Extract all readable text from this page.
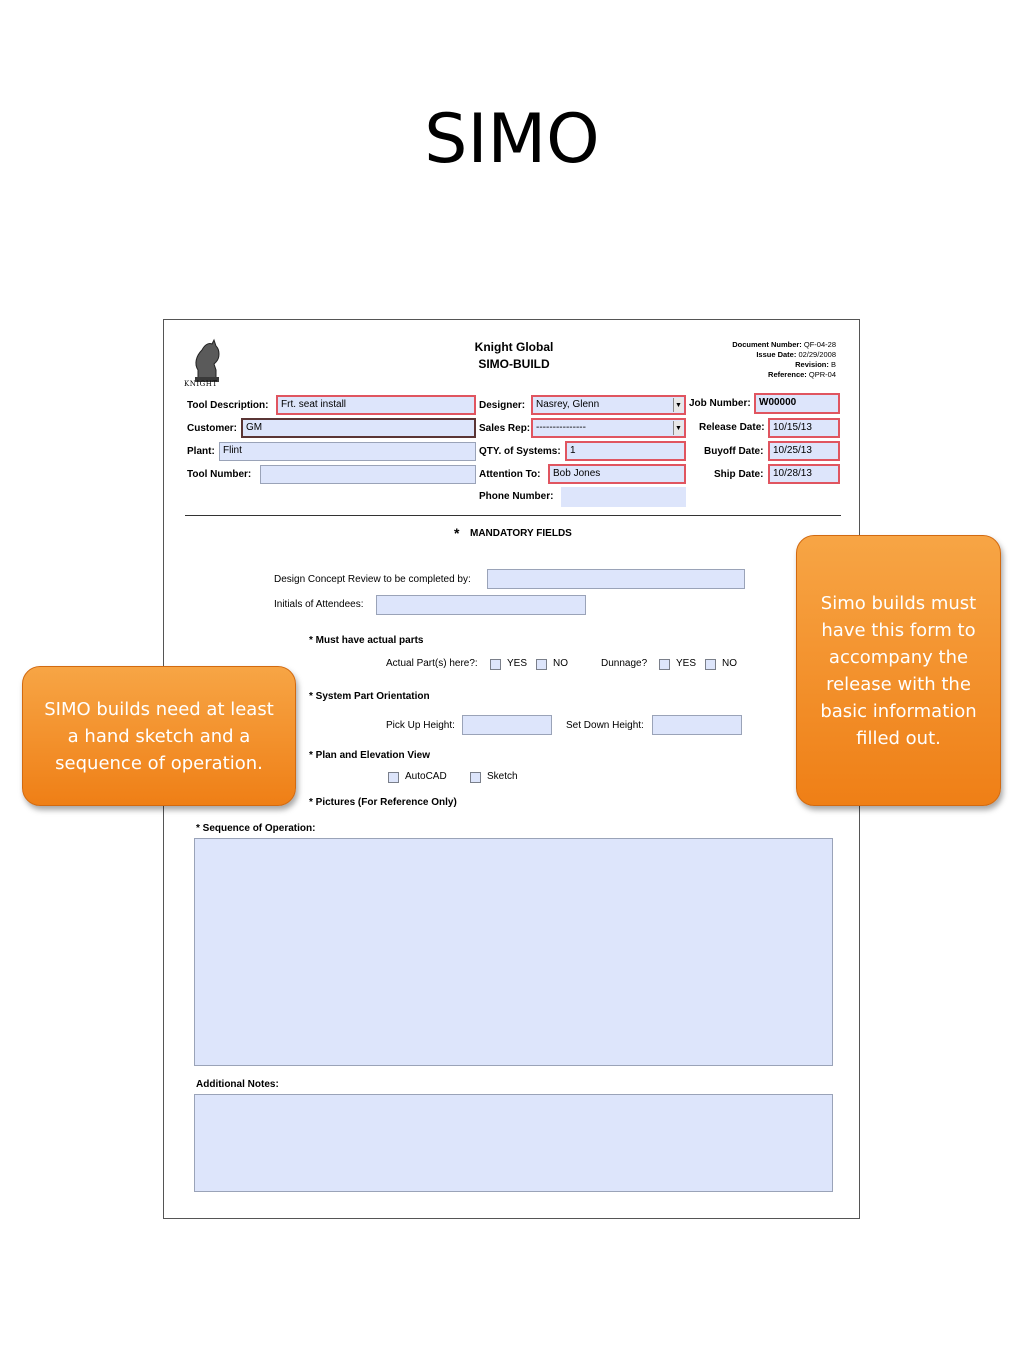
SIMO
KNIGHT
Knight Global
SIMO-BUILD
Document Number: QF-04-28
Issue Date: 02/29/2008
Revision: B
Reference: QPR-04
Tool Description:	Frt. seat install
Customer: GM
Plant: Flint
Tool Number:
Designer:	Nasrey, Glenn	▼
Sales Rep: ---------------	▼
QTY. of Systems: 1
Attention To:	Bob Jones
Phone Number:
Job Number: W00000
Release Date: 10/15/13
Buyoff Date: 10/25/13
Ship Date: 10/28/13
* MANDATORY FIELDS
Design Concept Review to be completed by:
Initials of Attendees:
* Must have actual parts
Actual Part(s) here?:	YES	NO	Dunnage?	YES	NO
* System Part Orientation
Pick Up Height:	Set Down Height:
* Plan and Elevation View
AutoCAD	Sketch
* Pictures (For Reference Only)
* Sequence of Operation:
Additional Notes:
SIMO builds need at least a hand sketch and a sequence of operation.
Simo builds must have this form to accompany the release with the basic information filled out.
